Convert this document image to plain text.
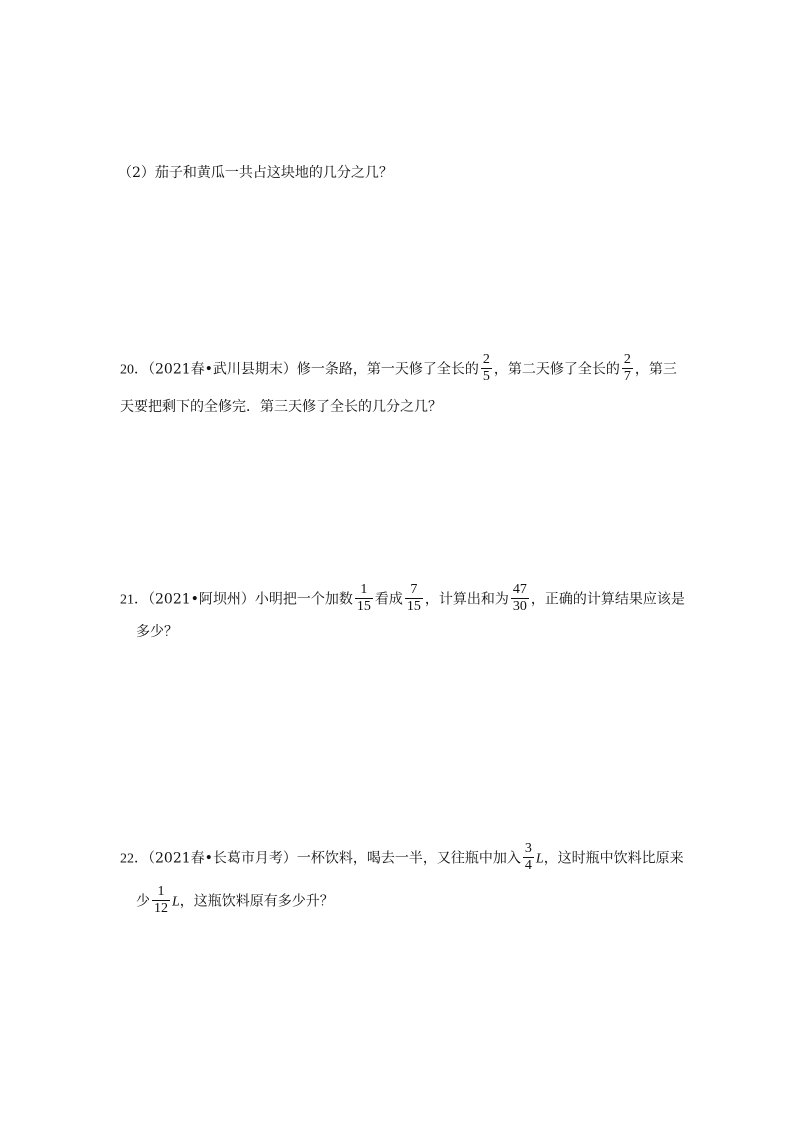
（2）茄子和黄瓜一共占这块地的几分之几？
20．（2021春•武川县期末）修一条路，第一天修了全长的 $\frac{2}{5}$ ，第二天修了全长的 $\frac{2}{7}$ ，第三
天要把剩下的全修完．第三天修了全长的几分之几？
21．（2021•阿坝州）小明把一个加数 $\frac{1}{15}$ 看成 $\frac{7}{15}$ ，计算出和为 $\frac{47}{30}$ ，正确的计算结果应该是
多少？
22．（2021春•长葛市月考）一杯饮料，喝去一半，又往瓶中加入 $\frac{3}{4}$ L，这时瓶中饮料比原来
少 $\frac{1}{12}$ L，这瓶饮料原有多少升？
